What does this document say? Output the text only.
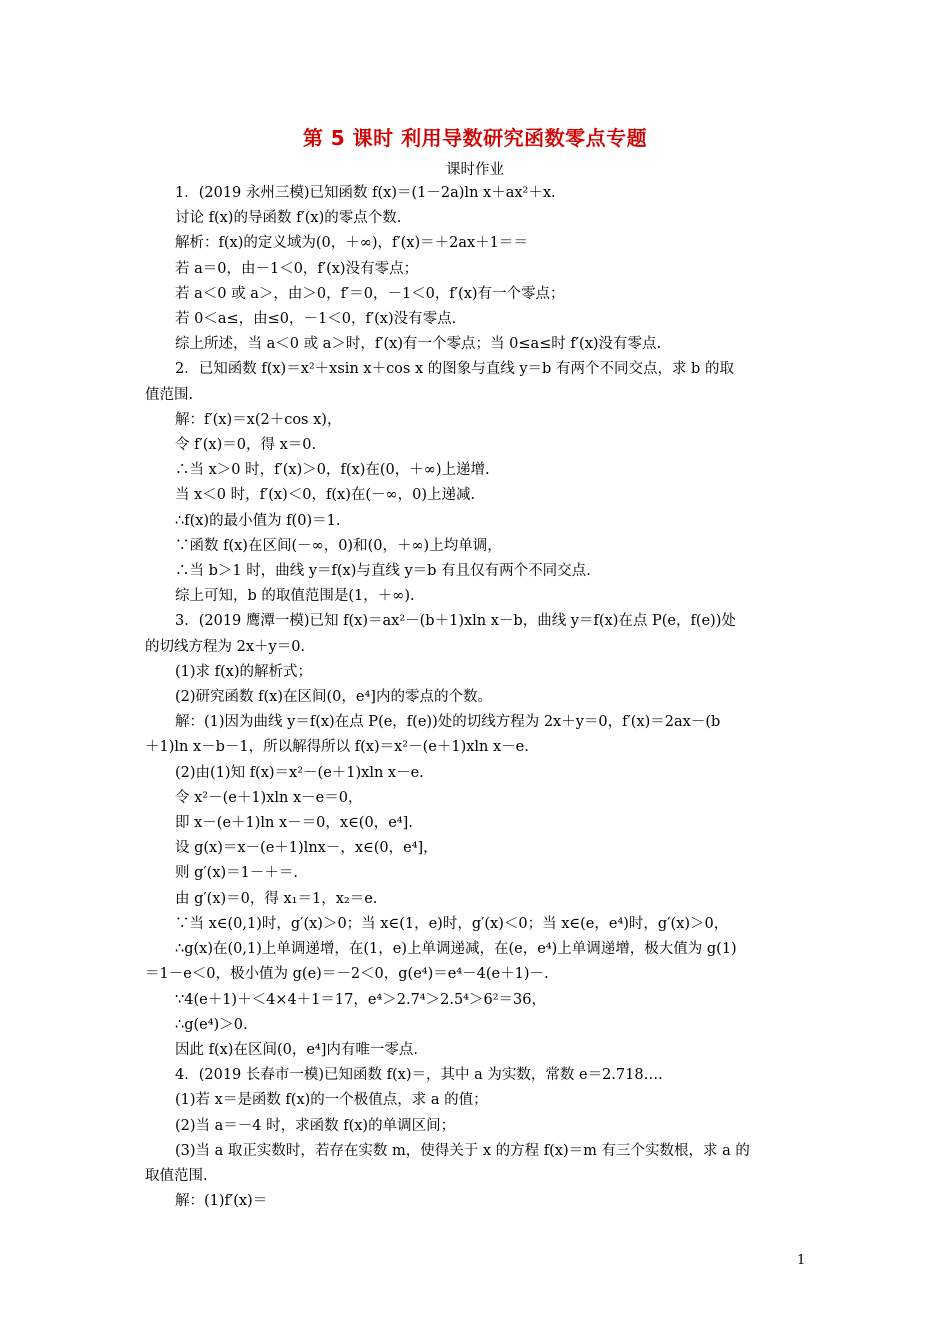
第 5 课时 利用导数研究函数零点专题
课时作业
1．(2019 永州三模)已知函数 f(x)＝(1－2a)ln x＋ax²＋x.
讨论 f(x)的导函数 f′(x)的零点个数.
解析：f(x)的定义域为(0，＋∞)，f′(x)＝＋2ax＋1＝＝
若 a＝0，由－1＜0，f′(x)没有零点；
若 a＜0 或 a＞，由＞0，f′＝0，－1＜0，f′(x)有一个零点；
若 0＜a≤，由≤0，－1＜0，f′(x)没有零点.
综上所述，当 a＜0 或 a＞时，f′(x)有一个零点；当 0≤a≤时 f′(x)没有零点.
2．已知函数 f(x)＝x²＋xsin x＋cos x 的图象与直线 y＝b 有两个不同交点，求 b 的取
值范围.
解：f′(x)＝x(2＋cos x)，
令 f′(x)＝0，得 x＝0.
∴当 x＞0 时，f′(x)＞0，f(x)在(0，＋∞)上递增.
当 x＜0 时，f′(x)＜0，f(x)在(－∞，0)上递减.
∴f(x)的最小值为 f(0)＝1.
∵函数 f(x)在区间(－∞，0)和(0，＋∞)上均单调，
∴当 b＞1 时，曲线 y＝f(x)与直线 y＝b 有且仅有两个不同交点.
综上可知，b 的取值范围是(1，＋∞).
3．(2019 鹰潭一模)已知 f(x)＝ax²－(b＋1)xln x－b，曲线 y＝f(x)在点 P(e，f(e))处
的切线方程为 2x＋y＝0.
(1)求 f(x)的解析式；
(2)研究函数 f(x)在区间(0，e⁴]内的零点的个数。
解：(1)因为曲线 y＝f(x)在点 P(e，f(e))处的切线方程为 2x＋y＝0，f′(x)＝2ax－(b
＋1)ln x－b－1，所以解得所以 f(x)＝x²－(e＋1)xln x－e.
(2)由(1)知 f(x)＝x²－(e＋1)xln x－e.
令 x²－(e＋1)xln x－e＝0，
即 x－(e＋1)ln x－＝0，x∈(0，e⁴].
设 g(x)＝x－(e＋1)lnx－，x∈(0，e⁴]，
则 g′(x)＝1－＋＝.
由 g′(x)＝0，得 x₁＝1，x₂＝e.
∵当 x∈(0,1)时，g′(x)＞0；当 x∈(1，e)时，g′(x)＜0；当 x∈(e，e⁴)时，g′(x)＞0，
∴g(x)在(0,1)上单调递增，在(1，e)上单调递减，在(e，e⁴)上单调递增，极大值为 g(1)
＝1－e＜0，极小值为 g(e)＝－2＜0，g(e⁴)＝e⁴－4(e＋1)－.
∵4(e＋1)＋＜4×4＋1＝17，e⁴＞2.7⁴＞2.5⁴＞6²＝36，
∴g(e⁴)＞0.
因此 f(x)在区间(0，e⁴]内有唯一零点.
4．(2019 长春市一模)已知函数 f(x)＝，其中 a 为实数，常数 e＝2.718….
(1)若 x＝是函数 f(x)的一个极值点，求 a 的值；
(2)当 a＝－4 时，求函数 f(x)的单调区间；
(3)当 a 取正实数时，若存在实数 m，使得关于 x 的方程 f(x)＝m 有三个实数根，求 a 的
取值范围.
解：(1)f′(x)＝
1
